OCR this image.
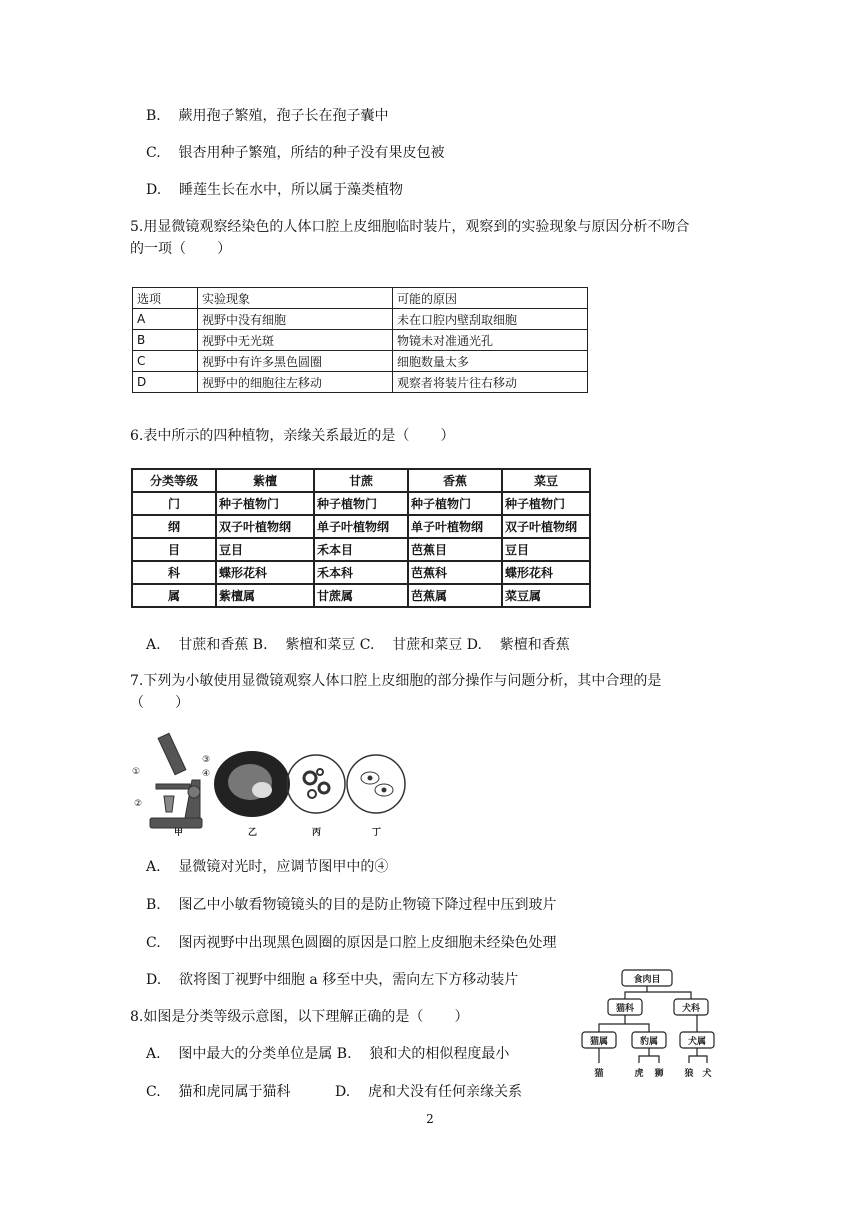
B.    蕨用孢子繁殖，孢子长在孢子囊中
C.    银杏用种子繁殖，所结的种子没有果皮包被
D.    睡莲生长在水中，所以属于藻类植物
5.用显微镜观察经染色的人体口腔上皮细胞临时装片，观察到的实验现象与原因分析不吻合
的一项（       ）
选项	实验现象	可能的原因
A	视野中没有细胞	未在口腔内壁刮取细胞
B	视野中无光斑	物镜未对准通光孔
C	视野中有许多黑色圆圈	细胞数量太多
D	视野中的细胞往左移动	观察者将装片往右移动
6.表中所示的四种植物，亲缘关系最近的是（       ）
分类等级	紫檀	甘蔗	香蕉	菜豆
门	种子植物门	种子植物门	种子植物门	种子植物门
纲	双子叶植物纲	单子叶植物纲	单子叶植物纲	双子叶植物纲
目	豆目	禾本目	芭蕉目	豆目
科	蝶形花科	禾本科	芭蕉科	蝶形花科
属	紫檀属	甘蔗属	芭蕉属	菜豆属
A.    甘蔗和香蕉 B.    紫檀和菜豆 C.    甘蔗和菜豆 D.    紫檀和香蕉
7.下列为小敏使用显微镜观察人体口腔上皮细胞的部分操作与问题分析，其中合理的是
（       ）
①
②
③
④
甲	乙	丙	丁
A.    显微镜对光时，应调节图甲中的④
B.    图乙中小敏看物镜镜头的目的是防止物镜下降过程中压到玻片
C.    图丙视野中出现黑色圆圈的原因是口腔上皮细胞未经染色处理
D.    欲将图丁视野中细胞 a 移至中央，需向左下方移动装片
8.如图是分类等级示意图，以下理解正确的是（       ）
A.    图中最大的分类单位是属 B.    狼和犬的相似程度最小
C.    猫和虎同属于猫科          D.    虎和犬没有任何亲缘关系
食肉目
猫科	犬科
猫属	豹属	犬属
猫	虎 狮 狼 犬
2
